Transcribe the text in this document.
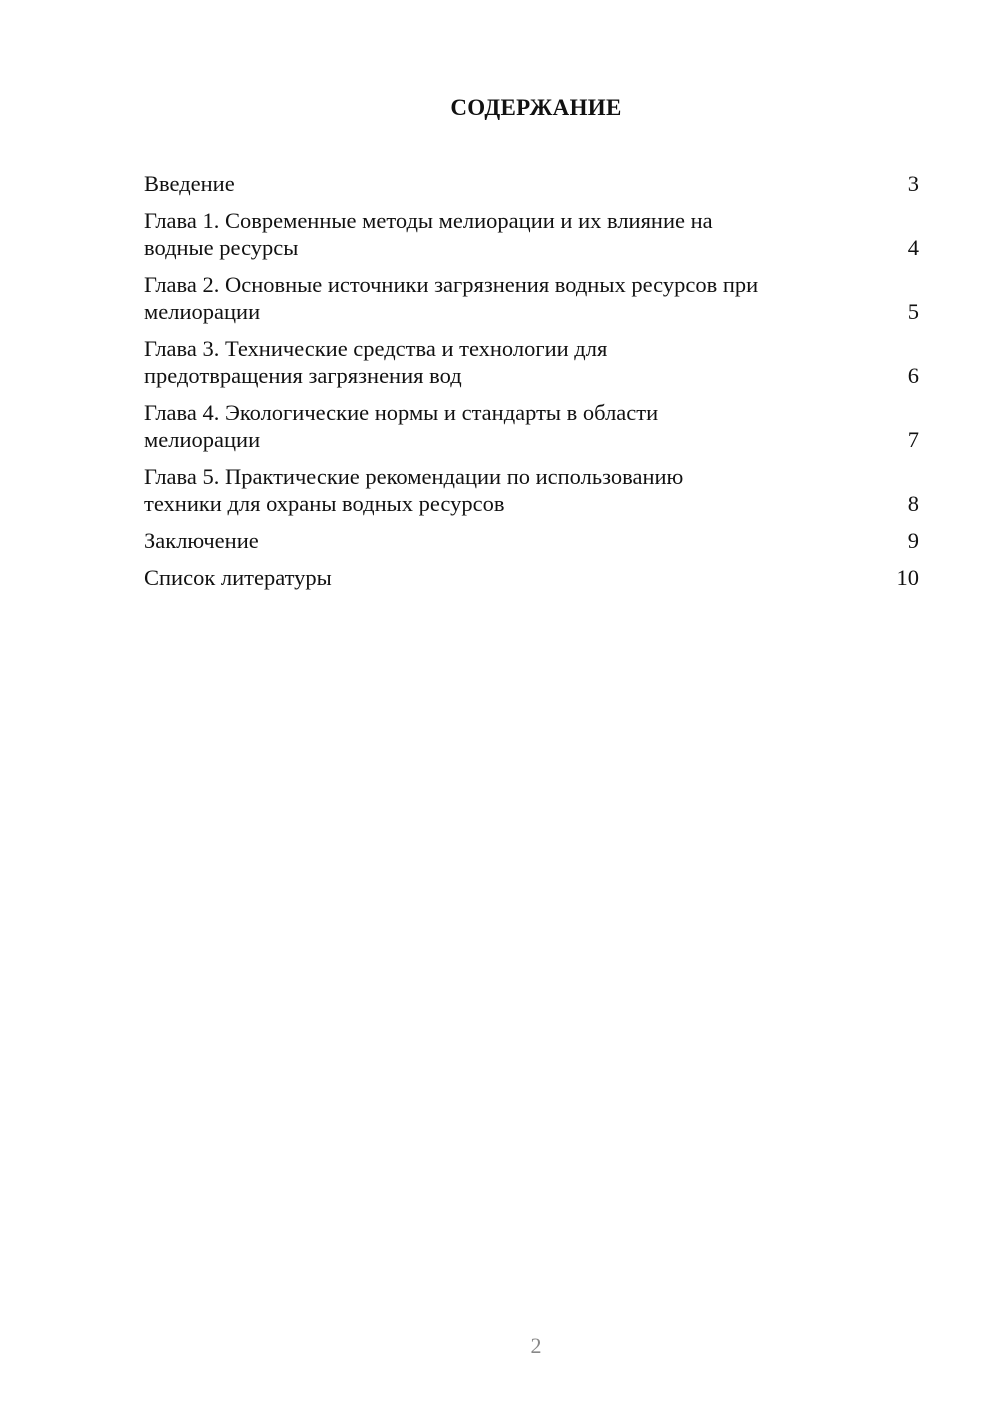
СОДЕРЖАНИЕ
Введение	3
Глава 1. Современные методы мелиорации и их влияние на
водные ресурсы	4
Глава 2. Основные источники загрязнения водных ресурсов при
мелиорации	5
Глава 3. Технические средства и технологии для
предотвращения загрязнения вод	6
Глава 4. Экологические нормы и стандарты в области
мелиорации	7
Глава 5. Практические рекомендации по использованию
техники для охраны водных ресурсов	8
Заключение	9
Список литературы	10
2
